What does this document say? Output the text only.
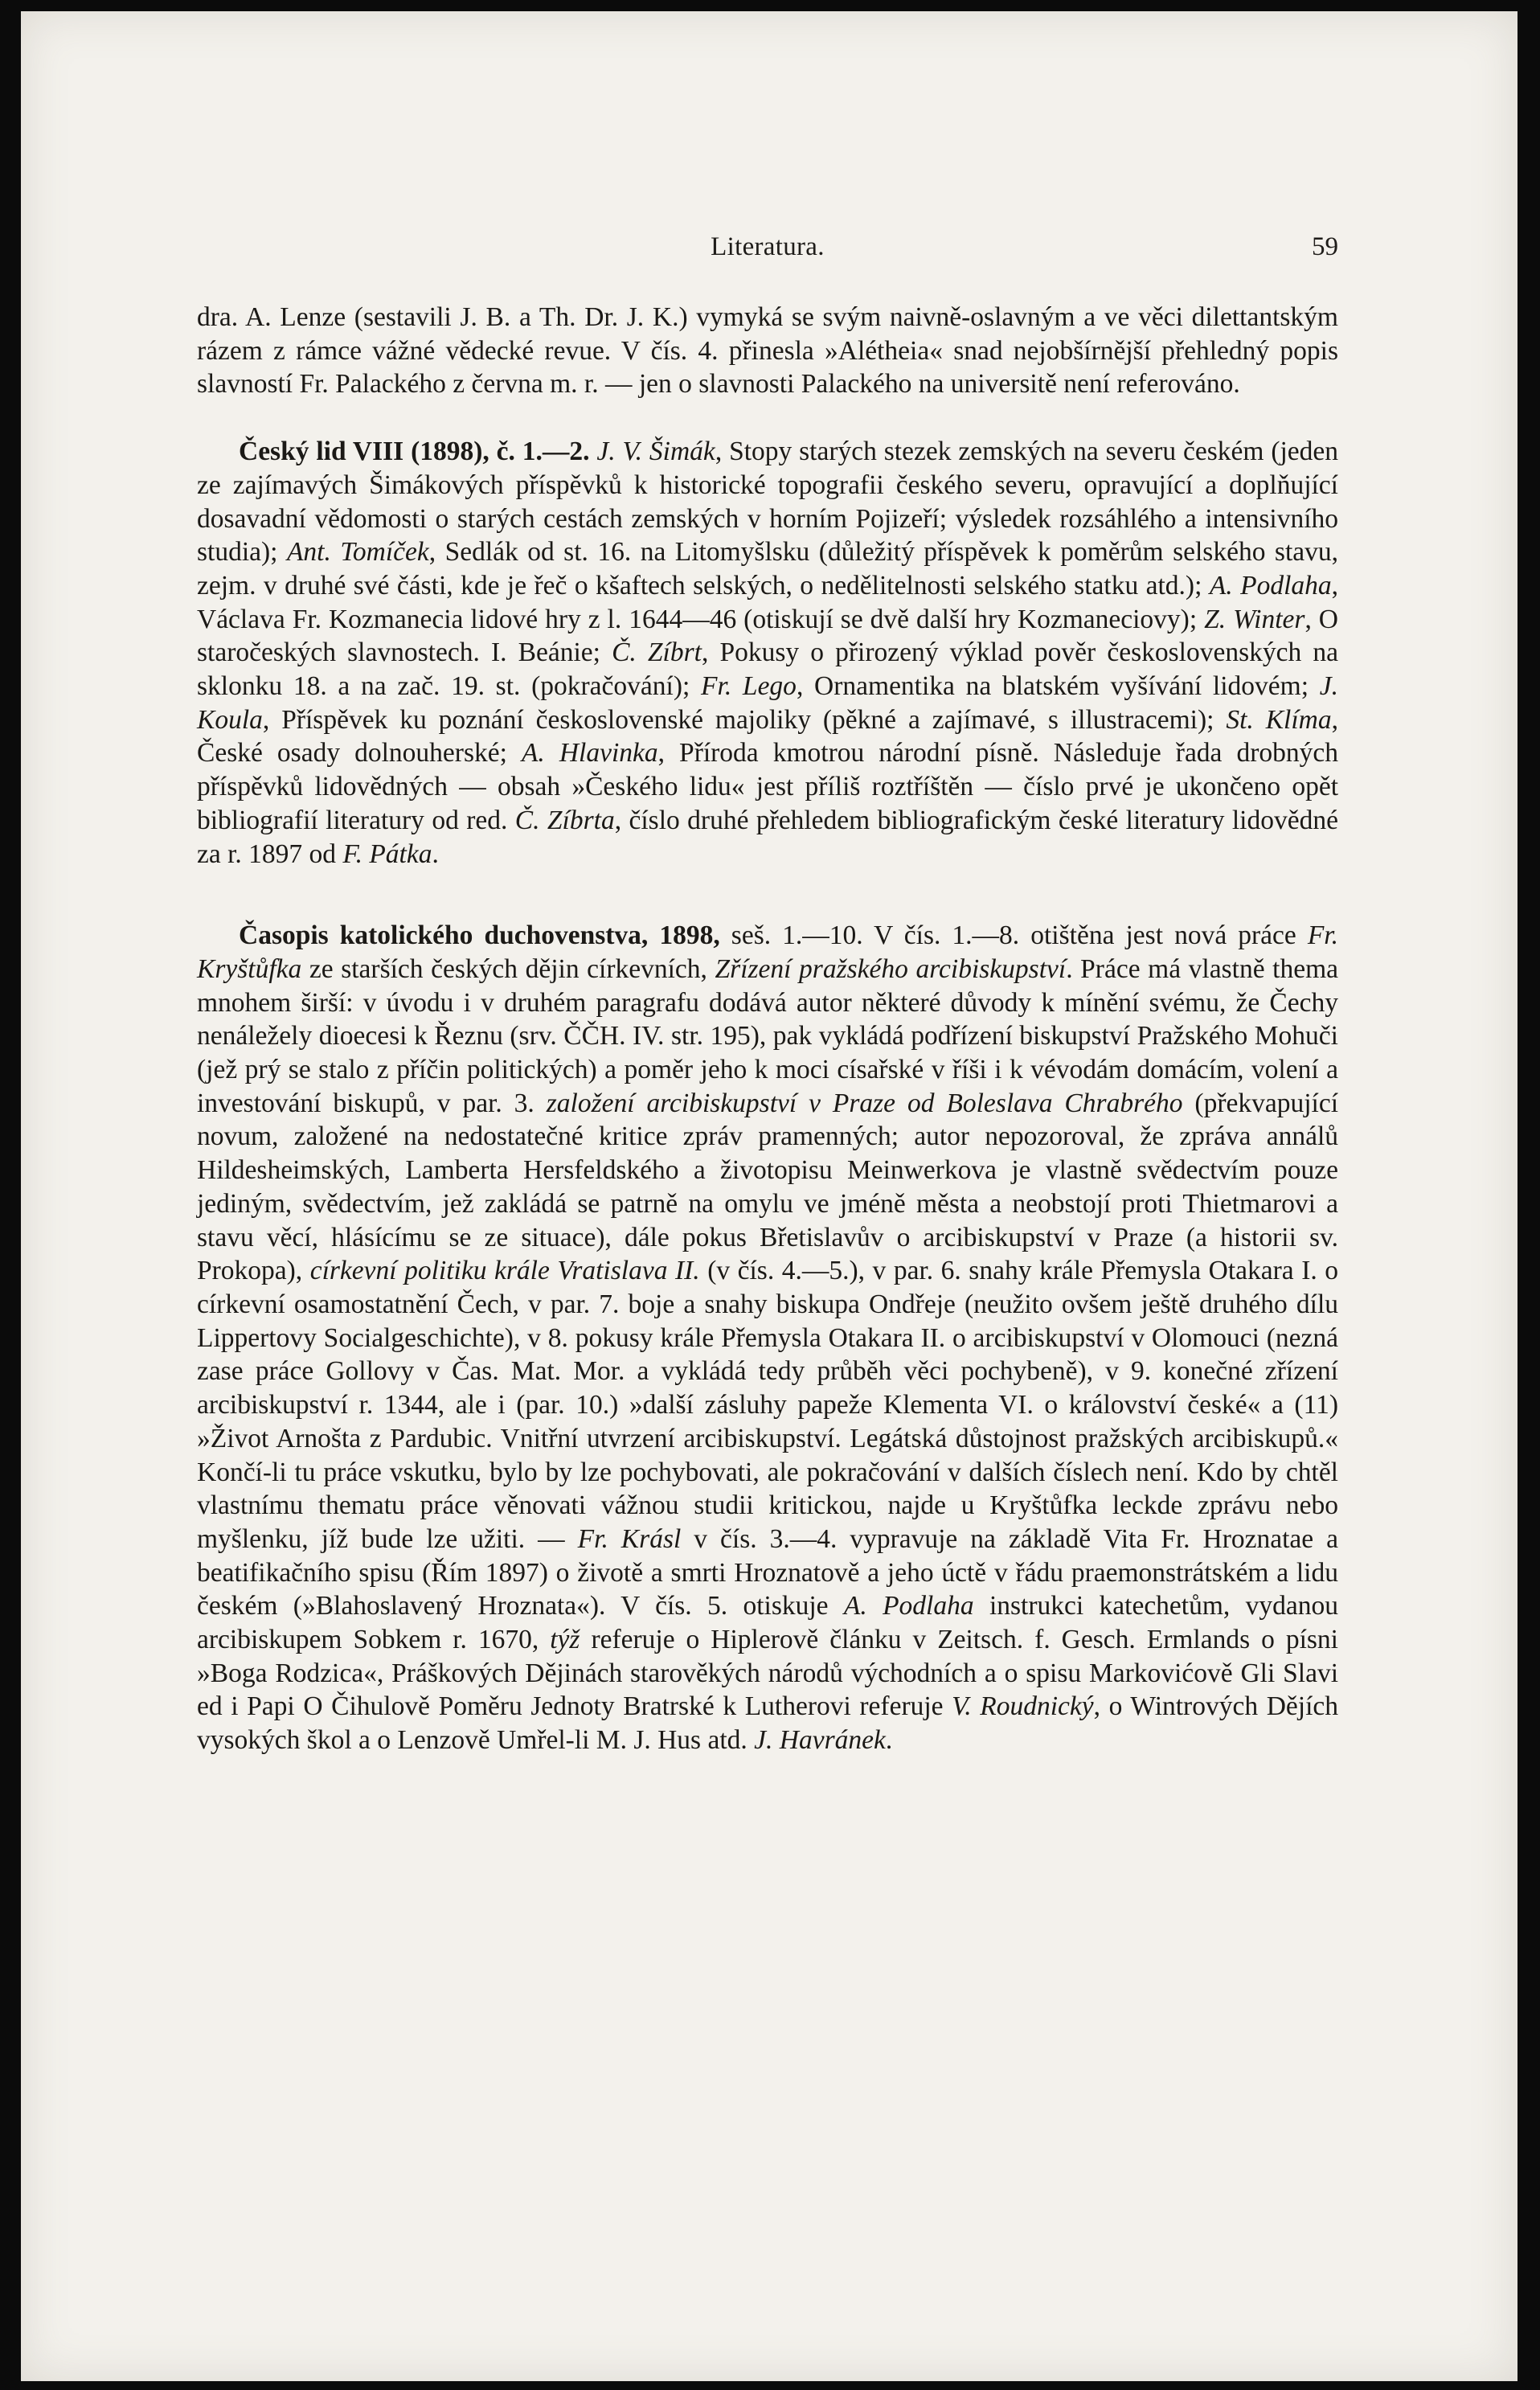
Literatura.	59

dra. A. Lenze (sestavili J. B. a Th. Dr. J. K.) vymyká se svým naivně-oslavným a ve věci dilettantským rázem z rámce vážné vědecké revue. V čís. 4. přinesla »Alétheia« snad nejobšírnější přehledný popis slavností Fr. Palackého z června m. r. — jen o slavnosti Palackého na universitě není referováno.

Český lid VIII (1898), č. 1.—2. J. V. Šimák, Stopy starých stezek zemských na severu českém (jeden ze zajímavých Šimákových příspěvků k historické topografii českého severu, opravující a doplňující dosavadní vědomosti o starých cestách zemských v horním Pojizeří; výsledek rozsáhlého a intensivního studia); Ant. Tomíček, Sedlák od st. 16. na Litomyšlsku (důležitý příspěvek k poměrům selského stavu, zejm. v druhé své části, kde je řeč o kšaftech selských, o nedělitelnosti selského statku atd.); A. Podlaha, Václava Fr. Kozmanecia lidové hry z l. 1644—46 (otiskují se dvě další hry Kozmaneciovy); Z. Winter, O staročeských slavnostech. I. Beánie; Č. Zíbrt, Pokusy o přirozený výklad pověr československých na sklonku 18. a na zač. 19. st. (pokračování); Fr. Lego, Ornamentika na blatském vyšívání lidovém; J. Koula, Příspěvek ku poznání československé majoliky (pěkné a zajímavé, s illustracemi); St. Klíma, České osady dolnouherské; A. Hlavinka, Příroda kmotrou národní písně. Následuje řada drobných příspěvků lidovědných — obsah »Českého lidu« jest příliš roztříštěn — číslo prvé je ukončeno opět bibliografií literatury od red. Č. Zíbrta, číslo druhé přehledem bibliografickým české literatury lidovědné za r. 1897 od F. Pátka.

Časopis katolického duchovenstva, 1898, seš. 1.—10. V čís. 1.—8. otištěna jest nová práce Fr. Kryštůfka ze starších českých dějin církevních, Zřízení pražského arcibiskupství. Práce má vlastně thema mnohem širší: v úvodu i v druhém paragrafu dodává autor některé důvody k mínění svému, že Čechy nenáležely dioecesi k Řeznu (srv. ČČH. IV. str. 195), pak vykládá podřízení biskupství Pražského Mohuči (jež prý se stalo z příčin politických) a poměr jeho k moci císařské v říši i k vévodám domácím, volení a investování biskupů, v par. 3. založení arcibiskupství v Praze od Boleslava Chrabrého (překvapující novum, založené na nedostatečné kritice zpráv pramenných; autor nepozoroval, že zpráva annálů Hildesheimských, Lamberta Hersfeldského a životopisu Meinwerkova je vlastně svědectvím pouze jediným, svědectvím, jež zakládá se patrně na omylu ve jméně města a neobstojí proti Thietmarovi a stavu věcí, hlásícímu se ze situace), dále pokus Břetislavův o arcibiskupství v Praze (a historii sv. Prokopa), církevní politiku krále Vratislava II. (v čís. 4.—5.), v par. 6. snahy krále Přemysla Otakara I. o církevní osamostatnění Čech, v par. 7. boje a snahy biskupa Ondřeje (neužito ovšem ještě druhého dílu Lippertovy Socialgeschichte), v 8. pokusy krále Přemysla Otakara II. o arcibiskupství v Olomouci (nezná zase práce Gollovy v Čas. Mat. Mor. a vykládá tedy průběh věci pochybeně), v 9. konečné zřízení arcibiskupství r. 1344, ale i (par. 10.) »další zásluhy papeže Klementa VI. o království české« a (11) »Život Arnošta z Pardubic. Vnitřní utvrzení arcibiskupství. Legátská důstojnost pražských arcibiskupů.« Končí-li tu práce vskutku, bylo by lze pochybovati, ale pokračování v dalších číslech není. Kdo by chtěl vlastnímu thematu práce věnovati vážnou studii kritickou, najde u Kryštůfka leckde zprávu nebo myšlenku, jíž bude lze užiti. — Fr. Krásl v čís. 3.—4. vypravuje na základě Vita Fr. Hroznatae a beatifikačního spisu (Řím 1897) o životě a smrti Hroznatově a jeho úctě v řádu praemonstrátském a lidu českém (»Blahoslavený Hroznata«). V čís. 5. otiskuje A. Podlaha instrukci katechetům, vydanou arcibiskupem Sobkem r. 1670, týž referuje o Hiplerově článku v Zeitsch. f. Gesch. Ermlands o písni »Boga Rodzica«, Práškových Dějinách starověkých národů východních a o spisu Markovićově Gli Slavi ed i Papi O Čihulově Poměru Jednoty Bratrské k Lutherovi referuje V. Roudnický, o Wintrových Dějích vysokých škol a o Lenzově Umřel-li M. J. Hus atd. J. Havránek.
